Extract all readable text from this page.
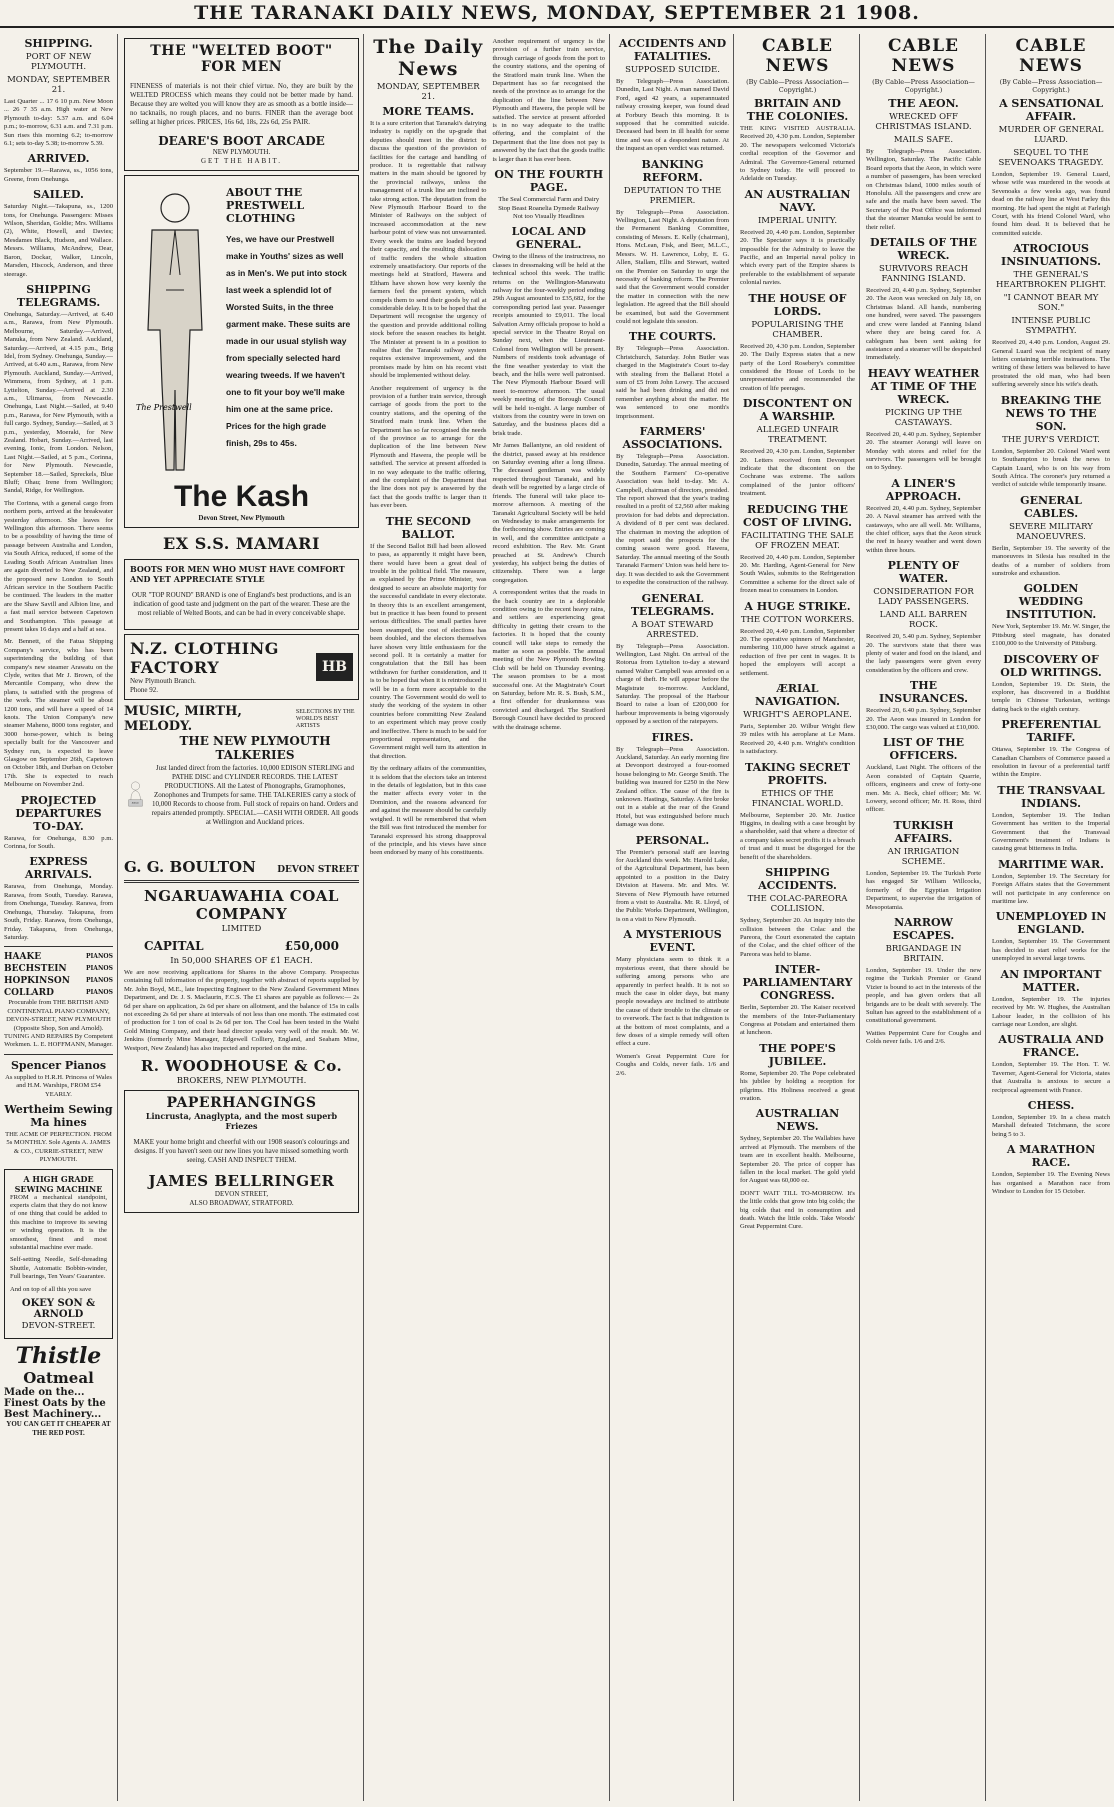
THE TARANAKI DAILY NEWS, MONDAY, SEPTEMBER 21 1908.
SHIPPING.
PORT OF NEW PLYMOUTH.
MONDAY, SEPTEMBER 21.

Last Quarter ... 17 6 10 p.m. New Moon ... 26 7 35 a.m. High water at New Plymouth to-day: 5.37 a.m. and 6.04 p.m.; to-morrow, 6.31 a.m. and 7.31 p.m. Sun rises this morning 6.2; to-morrow 6.1; sets to-day 5.38; to-morrow 5.39.

ARRIVED.

September 19.—Rarawa, ss., 1056 tons, Greene, from Onehunga.

SAILED.

Saturday Night.—Takapuna, ss., 1200 tons, for Onehunga. Passengers: Misses Wilson, Sheridan, Goldie; Mrs. Williams (2), White, Howell, and Davies; Mesdames Black, Hudson, and Wallace. Messrs. Williams, McAndrew, Dear, Baron, Dockar, Walker, Lincoln, Marsden, Hiscock, Anderson, and three steerage.

SHIPPING TELEGRAMS.

Onehunga, Saturday.—Arrived, at 6.40 a.m., Rarawa, from New Plymouth. Melbourne, Saturday.—Arrived, Manuka, from New Zealand. Auckland, Saturday.—Arrived, at 4.15 p.m., Brig Idel, from Sydney. Onehunga, Sunday.—Arrived, at 6.40 a.m., Rarawa, from New Plymouth. Auckland, Sunday.—Arrived, Wimmera, from Sydney, at 1 p.m. Lyttelton, Sunday.—Arrived at 2.30 a.m., Ulimaroa, from Newcastle. Onehunga, Last Night.—Sailed, at 9.40 p.m., Rarawa, for New Plymouth, with a full cargo. Sydney, Sunday.—Sailed, at 3 p.m., yesterday, Moeraki, for New Zealand. Hobart, Sunday.—Arrived, last evening, Ionic, from London. Nelson, Last Night.—Sailed, at 5 p.m., Corinna, for New Plymouth. Newcastle, September 18.—Sailed, Spreckels, Blue Bluff; Ohau; Irene from Wellington; Sandal, Ridge, for Wellington.

The Corinna, with a general cargo from northern ports, arrived at the breakwater yesterday afternoon. She leaves for Wellington this afternoon. There seems to be a possibility of having the time of passage between Australia and London, via South Africa, reduced, if some of the Leading South African Australian lines are again diverted to New Zealand, and the proposed new London to South African service in the Southern Pacific be continued. The leaders in the matter are the Shaw Savill and Albion line, and a fast mail service between Capetown and Southampton. This passage at present takes 16 days and a half at sea.

Mr. Bennett, of the Fatua Shipping Company's service, who has been superintending the building of that company's new steamer Arawatu on the Clyde, writes that Mr J. Brown, of the Mercantile Company, who drew the plans, is satisfied with the progress of the work. The steamer will be about 1200 tons, and will have a speed of 14 knots. The Union Company's new steamer Maheno, 8000 tons register, and 3000 horse-power, which is being specially built for the Vancouver and Sydney run, is expected to leave Glasgow on September 26th, Capetown on October 18th, and Durban on October 17th. She is expected to reach Melbourne on November 2nd.

PROJECTED DEPARTURES TO-DAY.

Rarawa, for Onehunga, 8.30 p.m. Corinna, for South.

EXPRESS ARRIVALS.

Rarawa, from Onehunga, Monday. Rarawa, from South, Tuesday. Rarawa, from Onehunga, Tuesday. Rarawa, from Onehunga, Thursday. Takapuna, from South, Friday. Rarawa, from Onehunga, Friday. Takapuna, from Onehunga, Saturday.

HAAKE	PIANOS
BECHSTEIN	PIANOS
HOPKINSON	PIANOS
COLLARD	PIANOS

Procurable from THE BRITISH AND CONTINENTAL PIANO COMPANY, DEVON-STREET, NEW PLYMOUTH (Opposite Shop, Son and Arnold). TUNING AND REPAIRS By Competent Workmen. L. E. HOFFMANN, Manager.

Spencer Pianos

As supplied to H.R.H. Princess of Wales and H.M. Warships, FROM £54 YEARLY.

Wertheim Sewing Ma hines

THE ACME OF PERFECTION. FROM 5s MONTHLY. Sole Agents A. JAMES & CO., CURRIE-STREET, NEW PLYMOUTH.

A HIGH GRADE SEWING MACHINE

FROM a mechanical standpoint, experts claim that they do not know of one thing that could be added to this machine to improve its sewing or winding operation. It is the smoothest, finest and most substantial machine ever made.

Self-setting Needle, Self-threading Shuttle, Automatic Bobbin-winder, Full bearings, Ten Years' Guarantee.

And on top of all this you save

OKEY SON & ARNOLD
DEVON-STREET.
Thistle
Oatmeal
Made on the... Finest Oats by the Best Machinery...
YOU CAN GET IT CHEAPER AT THE RED POST.
THE "WELTED BOOT" FOR MEN

FINENESS of materials is not their chief virtue. No, they are built by the WELTED PROCESS which means they could not be better made by hand. Because they are welted you will know they are as smooth as a bottle inside—no tacknails, no rough places, and no burrs. FINER than the average boot selling at higher prices. PRICES, 16s 6d, 18s, 22s 6d, 25s PAIR.

DEARE'S BOOT ARCADE
NEW PLYMOUTH.
GET THE HABIT.
The Prestwell
ABOUT THE PRESTWELL CLOTHING

Yes, we have our Prestwell make in Youths' sizes as well as in Men's. We put into stock last week a splendid lot of Worsted Suits, in the three garment make. These suits are made in our usual stylish way from specially selected hard wearing tweeds. If we haven't one to fit your boy we'll make him one at the same price. Prices for the high grade finish, 29s to 45s.

The Kash
Devon Street, New Plymouth
EX S.S. MAMARI
BOOTS FOR MEN WHO MUST HAVE COMFORT AND YET APPRECIATE STYLE

OUR "TOP ROUND" BRAND is one of England's best productions, and is an indication of good taste and judgment on the part of the wearer. These are the most reliable of Welted Boots, and can be had in every conceivable shape.

N.Z. CLOTHING FACTORY
New Plymouth Branch.
Phone 92.
HB
MUSIC, MIRTH, MELODY.
SELECTIONS BY THE WORLD'S BEST ARTISTS
Edison
THE NEW PLYMOUTH TALKERIES

Just landed direct from the factories. 10,000 EDISON STERLING and PATHE DISC and CYLINDER RECORDS. THE LATEST PRODUCTIONS. All the Latest of Phonographs, Gramophones, Zonophones and Trumpets for same. THE TALKERIES carry a stock of 10,000 Records to choose from. Full stock of repairs on hand. Orders and repairs attended promptly. SPECIAL.—CASH WITH ORDER. All goods at Wellington and Auckland prices.

G. G. BOULTON DEVON STREET
NGARUAWAHIA COAL COMPANY
LIMITED
CAPITAL	£50,000
In 50,000 SHARES OF £1 EACH.

We are now receiving applications for Shares in the above Company. Prospectus containing full information of the property, together with abstract of reports supplied by Mr. John Boyd, M.E., late Inspecting Engineer to the New Zealand Government Mines Department, and Dr. J. S. Maclaurin, F.C.S. The £1 shares are payable as follows:— 2s 6d per share on application, 2s 6d per share on allotment, and the balance of 15s in calls not exceeding 2s 6d per share at intervals of not less than one month. The estimated cost of production for 1 ton of coal is 2s 6d per ton. The Coal has been tested in the Waihi Gold Mining Company, and their head director speaks very well of the result. Mr. W. Jenkins (formerly Mine Manager, Edgewell Colliery, England, and Seaham Mine, Westport, New Zealand) has also inspected and reported on the mine.

R. WOODHOUSE & Co.
BROKERS, NEW PLYMOUTH.
PAPERHANGINGS
Lincrusta, Anaglypta, and the most superb Friezes

MAKE your home bright and cheerful with our 1908 season's colourings and designs. If you haven't seen our new lines you have missed something worth seeing. CASH AND INSPECT THEM.

JAMES BELLRINGER
DEVON STREET,
ALSO BROADWAY, STRATFORD.
The Daily News
MONDAY, SEPTEMBER 21.
MORE TEAMS.

It is a sure criterion that Taranaki's dairying industry is rapidly on the up-grade that deputies should meet in the district to discuss the question of the provision of facilities for the cartage and handling of produce. It is regrettable that railway matters in the main should be ignored by the provincial railways, unless the management of a trunk line are inclined to take strong action. The deputation from the New Plymouth Harbour Board to the Minister of Railways on the subject of increased accommodation at the new harbour point of view was not unwarranted. Every week the trains are loaded beyond their capacity, and the resulting dislocation of traffic renders the whole situation extremely unsatisfactory. Our reports of the meetings held at Stratford, Hawera and Eltham have shown how very keenly the farmers feel the present system, which compels them to send their goods by rail at considerable delay. It is to be hoped that the Department will recognise the urgency of the question and provide additional rolling stock before the season reaches its height. The Minister at present is in a position to realise that the Taranaki railway system requires extensive improvement, and the promises made by him on his recent visit should be implemented without delay.

Another requirement of urgency is the provision of a further train service, through carriage of goods from the port to the country stations, and the opening of the Stratford main trunk line. When the Department has so far recognised the needs of the province as to arrange for the duplication of the line between New Plymouth and Hawera, the people will be satisfied. The service at present afforded is in no way adequate to the traffic offering, and the complaint of the Department that the line does not pay is answered by the fact that the goods traffic is larger than it has ever been.

THE SECOND BALLOT.

If the Second Ballot Bill had been allowed to pass, as apparently it might have been, there would have been a great deal of trouble in the political field. The measure, as explained by the Prime Minister, was designed to secure an absolute majority for the successful candidate in every electorate. In theory this is an excellent arrangement, but in practice it has been found to present serious difficulties. The small parties have been swamped, the cost of elections has been doubled, and the electors themselves have shown very little enthusiasm for the second poll. It is certainly a matter for congratulation that the Bill has been withdrawn for further consideration, and it is to be hoped that when it is reintroduced it will be in a form more acceptable to the country. The Government would do well to study the working of the system in other countries before committing New Zealand to an experiment which may prove costly and ineffective. There is much to be said for proportional representation, and the Government might well turn its attention in that direction.

By the ordinary affairs of the communities, it is seldom that the electors take an interest in the details of legislation, but in this case the matter affects every voter in the Dominion, and the reasons advanced for and against the measure should be carefully weighed. It will be remembered that when the Bill was first introduced the member for Taranaki expressed his strong disapproval of the principle, and his views have since been endorsed by many of his constituents.

Another requirement of urgency is the provision of a further train service, through carriage of goods from the port to the country stations, and the opening of the Stratford main trunk line. When the Department has so far recognised the needs of the province as to arrange for the duplication of the line between New Plymouth and Hawera, the people will be satisfied. The service at present afforded is in no way adequate to the traffic offering, and the complaint of the Department that the line does not pay is answered by the fact that the goods traffic is larger than it has ever been.

ON THE FOURTH PAGE.

The Seal Commercial Farm and Dairy Stop Beast Roanelia Dymede Railway Not too Visually Headlines

LOCAL AND GENERAL.

Owing to the illness of the instructress, no classes in dressmaking will be held at the technical school this week. The traffic returns on the Wellington-Manawatu railway for the four-weekly period ending 29th August amounted to £35,682, for the corresponding period last year. Passenger receipts amounted to £9,011. The local Salvation Army officials propose to hold a special service in the Theatre Royal on Sunday next, when the Lieutenant-Colonel from Wellington will be present. Numbers of residents took advantage of the fine weather yesterday to visit the beach, and the hills were well patronised. The New Plymouth Harbour Board will meet to-morrow afternoon. The usual weekly meeting of the Borough Council will be held to-night. A large number of visitors from the country were in town on Saturday, and the business places did a brisk trade.

Mr James Ballantyne, an old resident of the district, passed away at his residence on Saturday evening after a long illness. The deceased gentleman was widely respected throughout Taranaki, and his death will be regretted by a large circle of friends. The funeral will take place to-morrow afternoon. A meeting of the Taranaki Agricultural Society will be held on Wednesday to make arrangements for the forthcoming show. Entries are coming in well, and the committee anticipate a record exhibition. The Rev. Mr. Grant preached at St. Andrew's Church yesterday, his subject being the duties of citizenship. There was a large congregation.

A correspondent writes that the roads in the back country are in a deplorable condition owing to the recent heavy rains, and settlers are experiencing great difficulty in getting their cream to the factories. It is hoped that the county council will take steps to remedy the matter as soon as possible. The annual meeting of the New Plymouth Bowling Club will be held on Thursday evening. The season promises to be a most successful one. At the Magistrate's Court on Saturday, before Mr. R. S. Bush, S.M., a first offender for drunkenness was convicted and discharged. The Stratford Borough Council have decided to proceed with the drainage scheme.

ACCIDENTS AND FATALITIES.
SUPPOSED SUICIDE.

By Telegraph—Press Association. Dunedin, Last Night. A man named David Ford, aged 42 years, a superannuated railway crossing keeper, was found dead at Forbury Beach this morning. It is supposed that he committed suicide. Deceased had been in ill health for some time and was of a despondent nature. At the inquest an open verdict was returned.

BANKING REFORM.
DEPUTATION TO THE PREMIER.

By Telegraph—Press Association. Wellington, Last Night. A deputation from the Permanent Banking Committee, consisting of Messrs. E. Kelly (chairman), Hons. McLean, Fisk, and Beer, M.L.C., Messrs. W. H. Lawrence, Loby, E. G. Allen, Stallam, Ellis and Stewart, waited on the Premier on Saturday to urge the necessity of banking reform. The Premier said that the Government would consider the matter in connection with the new legislation. He agreed that the Bill should be examined, but said the Government could not legislate this session.

THE COURTS.

By Telegraph—Press Association. Christchurch, Saturday. John Butler was charged in the Magistrate's Court to-day with stealing from the Ballarat Hotel a sum of £5 from John Lowry. The accused said he had been drinking and did not remember anything about the matter. He was sentenced to one month's imprisonment.

FARMERS' ASSOCIATIONS.

By Telegraph—Press Association. Dunedin, Saturday. The annual meeting of the Southern Farmers' Co-operative Association was held to-day. Mr. A. Campbell, chairman of directors, presided. The report showed that the year's trading resulted in a profit of £2,560 after making provision for bad debts and depreciation. A dividend of 8 per cent was declared. The chairman in moving the adoption of the report said the prospects for the coming season were good. Hawera, Saturday. The annual meeting of the South Taranaki Farmers' Union was held here to-day. It was decided to ask the Government to expedite the construction of the railway.

GENERAL TELEGRAMS.
A BOAT STEWARD ARRESTED.

By Telegraph—Press Association. Wellington, Last Night. On arrival of the Rotorua from Lyttelton to-day a steward named Walter Campbell was arrested on a charge of theft. He will appear before the Magistrate to-morrow. Auckland, Saturday. The proposal of the Harbour Board to raise a loan of £200,000 for harbour improvements is being vigorously opposed by a section of the ratepayers.

FIRES.

By Telegraph—Press Association. Auckland, Saturday. An early morning fire at Devonport destroyed a four-roomed house belonging to Mr. George Smith. The building was insured for £250 in the New Zealand office. The cause of the fire is unknown. Hastings, Saturday. A fire broke out in a stable at the rear of the Grand Hotel, but was extinguished before much damage was done.

PERSONAL.

The Premier's personal staff are leaving for Auckland this week. Mr. Harold Lake, of the Agricultural Department, has been appointed to a position in the Dairy Division at Hawera. Mr. and Mrs. W. Stevens of New Plymouth have returned from a visit to Australia. Mr. R. Lloyd, of the Public Works Department, Wellington, is on a visit to New Plymouth.

A MYSTERIOUS EVENT.

Many physicians seem to think it a mysterious event, that there should be suffering among persons who are apparently in perfect health. It is not so much the case in older days, but many people nowadays are inclined to attribute the cause of their trouble to the climate or to overwork. The fact is that indigestion is at the bottom of most complaints, and a few doses of a simple remedy will often effect a cure.

Women's Great Peppermint Cure for Coughs and Colds, never fails. 1/6 and 2/6.

CABLE NEWS
(By Cable—Press Association—Copyright.)
BRITAIN AND THE COLONIES.

THE KING VISITED AUSTRALIA. Received 20, 4.30 p.m. London, September 20. The newspapers welcomed Victoria's cordial reception of the Governor and Admiral. The Governor-General returned to Sydney today. He will proceed to Adelaide on Tuesday.

AN AUSTRALIAN NAVY.
IMPERIAL UNITY.

Received 20, 4.40 p.m. London, September 20. The Spectator says it is practically impossible for the Admiralty to leave the Pacific, and an Imperial naval policy in which every part of the Empire shares is preferable to the establishment of separate colonial navies.

THE HOUSE OF LORDS.
POPULARISING THE CHAMBER.

Received 20, 4.30 p.m. London, September 20. The Daily Express states that a new party of the Lord Rosebery's committee considered the House of Lords to be unrepresentative and recommended the creation of life peerages.

DISCONTENT ON A WARSHIP.
ALLEGED UNFAIR TREATMENT.

Received 20, 4.30 p.m. London, September 20. Letters received from Devonport indicate that the discontent on the Cochrane was extreme. The sailors complained of the junior officers' treatment.

REDUCING THE COST OF LIVING.
FACILITATING THE SALE OF FROZEN MEAT.

Received 20, 4.40 p.m. London, September 20. Mr. Harding, Agent-General for New South Wales, submits to the Refrigeration Committee a scheme for the direct sale of frozen meat to consumers in London.

A HUGE STRIKE.
THE COTTON WORKERS.

Received 20, 4.40 p.m. London, September 20. The operative spinners of Manchester, numbering 110,000 have struck against a reduction of five per cent in wages. It is hoped the employers will accept a settlement.

ÆRIAL NAVIGATION.
WRIGHT'S AEROPLANE.

Paris, September 20. Wilbur Wright flew 39 miles with his aeroplane at Le Mans. Received 20, 4.40 p.m. Wright's condition is satisfactory.

TAKING SECRET PROFITS.
ETHICS OF THE FINANCIAL WORLD.

Melbourne, September 20. Mr. Justice Higgins, in dealing with a case brought by a shareholder, said that where a director of a company takes secret profits it is a breach of trust and it must be disgorged for the benefit of the shareholders.

SHIPPING ACCIDENTS.
THE COLAC-PAREORA COLLISION.

Sydney, September 20. An inquiry into the collision between the Colac and the Pareora, the Court exonerated the captain of the Colac, and the chief officer of the Pareora was held to blame.

INTER-PARLIAMENTARY CONGRESS.

Berlin, September 20. The Kaiser received the members of the Inter-Parliamentary Congress at Potsdam and entertained them at luncheon.

THE POPE'S JUBILEE.

Rome, September 20. The Pope celebrated his jubilee by holding a reception for pilgrims. His Holiness received a great ovation.

AUSTRALIAN NEWS.

Sydney, September 20. The Wallabies have arrived at Plymouth. The members of the team are in excellent health. Melbourne, September 20. The price of copper has fallen in the local market. The gold yield for August was 60,000 oz.

DON'T WAIT TILL TO-MORROW. It's the little colds that grow into big colds; the big colds that end in consumption and death. Watch the little colds. Take Woods' Great Peppermint Cure.

CABLE NEWS
(By Cable—Press Association—Copyright.)
THE AEON.
WRECKED OFF CHRISTMAS ISLAND.
MAILS SAFE.

By Telegraph—Press Association. Wellington, Saturday. The Pacific Cable Board reports that the Aeon, in which were a number of passengers, has been wrecked on Christmas Island, 1000 miles south of Honolulu. All the passengers and crew are safe and the mails have been saved. The Secretary of the Post Office was informed that the steamer Manuka would be sent to their relief.

DETAILS OF THE WRECK.
SURVIVORS REACH FANNING ISLAND.

Received 20, 4.40 p.m. Sydney, September 20. The Aeon was wrecked on July 18, on Christmas Island. All hands, numbering one hundred, were saved. The passengers and crew were landed at Fanning Island where they are being cared for. A cablegram has been sent asking for assistance and a steamer will be despatched immediately.

HEAVY WEATHER AT TIME OF THE WRECK.
PICKING UP THE CASTAWAYS.

Received 20, 4.40 p.m. Sydney, September 20. The steamer Aorangi will leave on Monday with stores and relief for the survivors. The passengers will be brought on to Sydney.

A LINER'S APPROACH.

Received 20, 4.40 p.m. Sydney, September 20. A Naval steamer has arrived with the castaways, who are all well. Mr. Williams, the chief officer, says that the Aeon struck the reef in heavy weather and went down within three hours.

PLENTY OF WATER.
CONSIDERATION FOR LADY PASSENGERS.
LAND ALL BARREN ROCK.

Received 20, 5.40 p.m. Sydney, September 20. The survivors state that there was plenty of water and food on the island, and the lady passengers were given every consideration by the officers and crew.

THE INSURANCES.

Received 20, 6.40 p.m. Sydney, September 20. The Aeon was insured in London for £30,000. The cargo was valued at £10,000.

LIST OF THE OFFICERS.

Auckland, Last Night. The officers of the Aeon consisted of Captain Quarrie, officers, engineers and crew of forty-one men. Mr. A. Beck, chief officer; Mr. W. Lowery, second officer; Mr. H. Ross, third officer.

TURKISH AFFAIRS.
AN IRRIGATION SCHEME.

London, September 19. The Turkish Porte has engaged Sir William Willcocks, formerly of the Egyptian Irrigation Department, to supervise the irrigation of Mesopotamia.

NARROW ESCAPES.
BRIGANDAGE IN BRITAIN.

London, September 19. Under the new regime the Turkish Premier or Grand Vizier is bound to act in the interests of the people, and has given orders that all brigands are to be dealt with severely. The Sultan has agreed to the establishment of a constitutional government.

Watties Peppermint Cure for Coughs and Colds never fails. 1/6 and 2/6.

CABLE NEWS
(By Cable—Press Association—Copyright.)
A SENSATIONAL AFFAIR.
MURDER OF GENERAL LUARD.
SEQUEL TO THE SEVENOAKS TRAGEDY.

London, September 19. General Luard, whose wife was murdered in the woods at Sevenoaks a few weeks ago, was found dead on the railway line at West Farley this morning. He had spent the night at Farleigh Court, with his friend Colonel Ward, who found him dead. It is believed that he committed suicide.

ATROCIOUS INSINUATIONS.
THE GENERAL'S HEARTBROKEN PLIGHT.
"I CANNOT BEAR MY SON."
INTENSE PUBLIC SYMPATHY.

Received 20, 4.40 p.m. London, August 29. General Luard was the recipient of many letters containing terrible insinuations. The writing of these letters was believed to have prostrated the old man, who had been suffering severely since his wife's death.

BREAKING THE NEWS TO THE SON.
THE JURY'S VERDICT.

London, September 20. Colonel Ward went to Southampton to break the news to Captain Luard, who is on his way from South Africa. The coroner's jury returned a verdict of suicide while temporarily insane.

GENERAL CABLES.
SEVERE MILITARY MANOEUVRES.

Berlin, September 19. The severity of the manoeuvres in Silesia has resulted in the deaths of a number of soldiers from sunstroke and exhaustion.

GOLDEN WEDDING INSTITUTION.

New York, September 19. Mr. W. Singer, the Pittsburg steel magnate, has donated £100,000 to the University of Pittsburg.

DISCOVERY OF OLD WRITINGS.

London, September 19. Dr. Stein, the explorer, has discovered in a Buddhist temple in Chinese Turkestan, writings dating back to the eighth century.

PREFERENTIAL TARIFF.

Ottawa, September 19. The Congress of Canadian Chambers of Commerce passed a resolution in favour of a preferential tariff within the Empire.

THE TRANSVAAL INDIANS.

London, September 19. The Indian Government has written to the Imperial Government that the Transvaal Government's treatment of Indians is causing great bitterness in India.

MARITIME WAR.

London, September 19. The Secretary for Foreign Affairs states that the Government will not participate in any conference on maritime law.

UNEMPLOYED IN ENGLAND.

London, September 19. The Government has decided to start relief works for the unemployed in several large towns.

AN IMPORTANT MATTER.

London, September 19. The injuries received by Mr. W. Hughes, the Australian Labour leader, in the collision of his carriage near London, are slight.

AUSTRALIA AND FRANCE.

London, September 19. The Hon. T. W. Taverner, Agent-General for Victoria, states that Australia is anxious to secure a reciprocal agreement with France.

CHESS.

London, September 19. In a chess match Marshall defeated Teichmann, the score being 5 to 3.

A MARATHON RACE.

London, September 19. The Evening News has organised a Marathon race from Windsor to London for 15 October.
